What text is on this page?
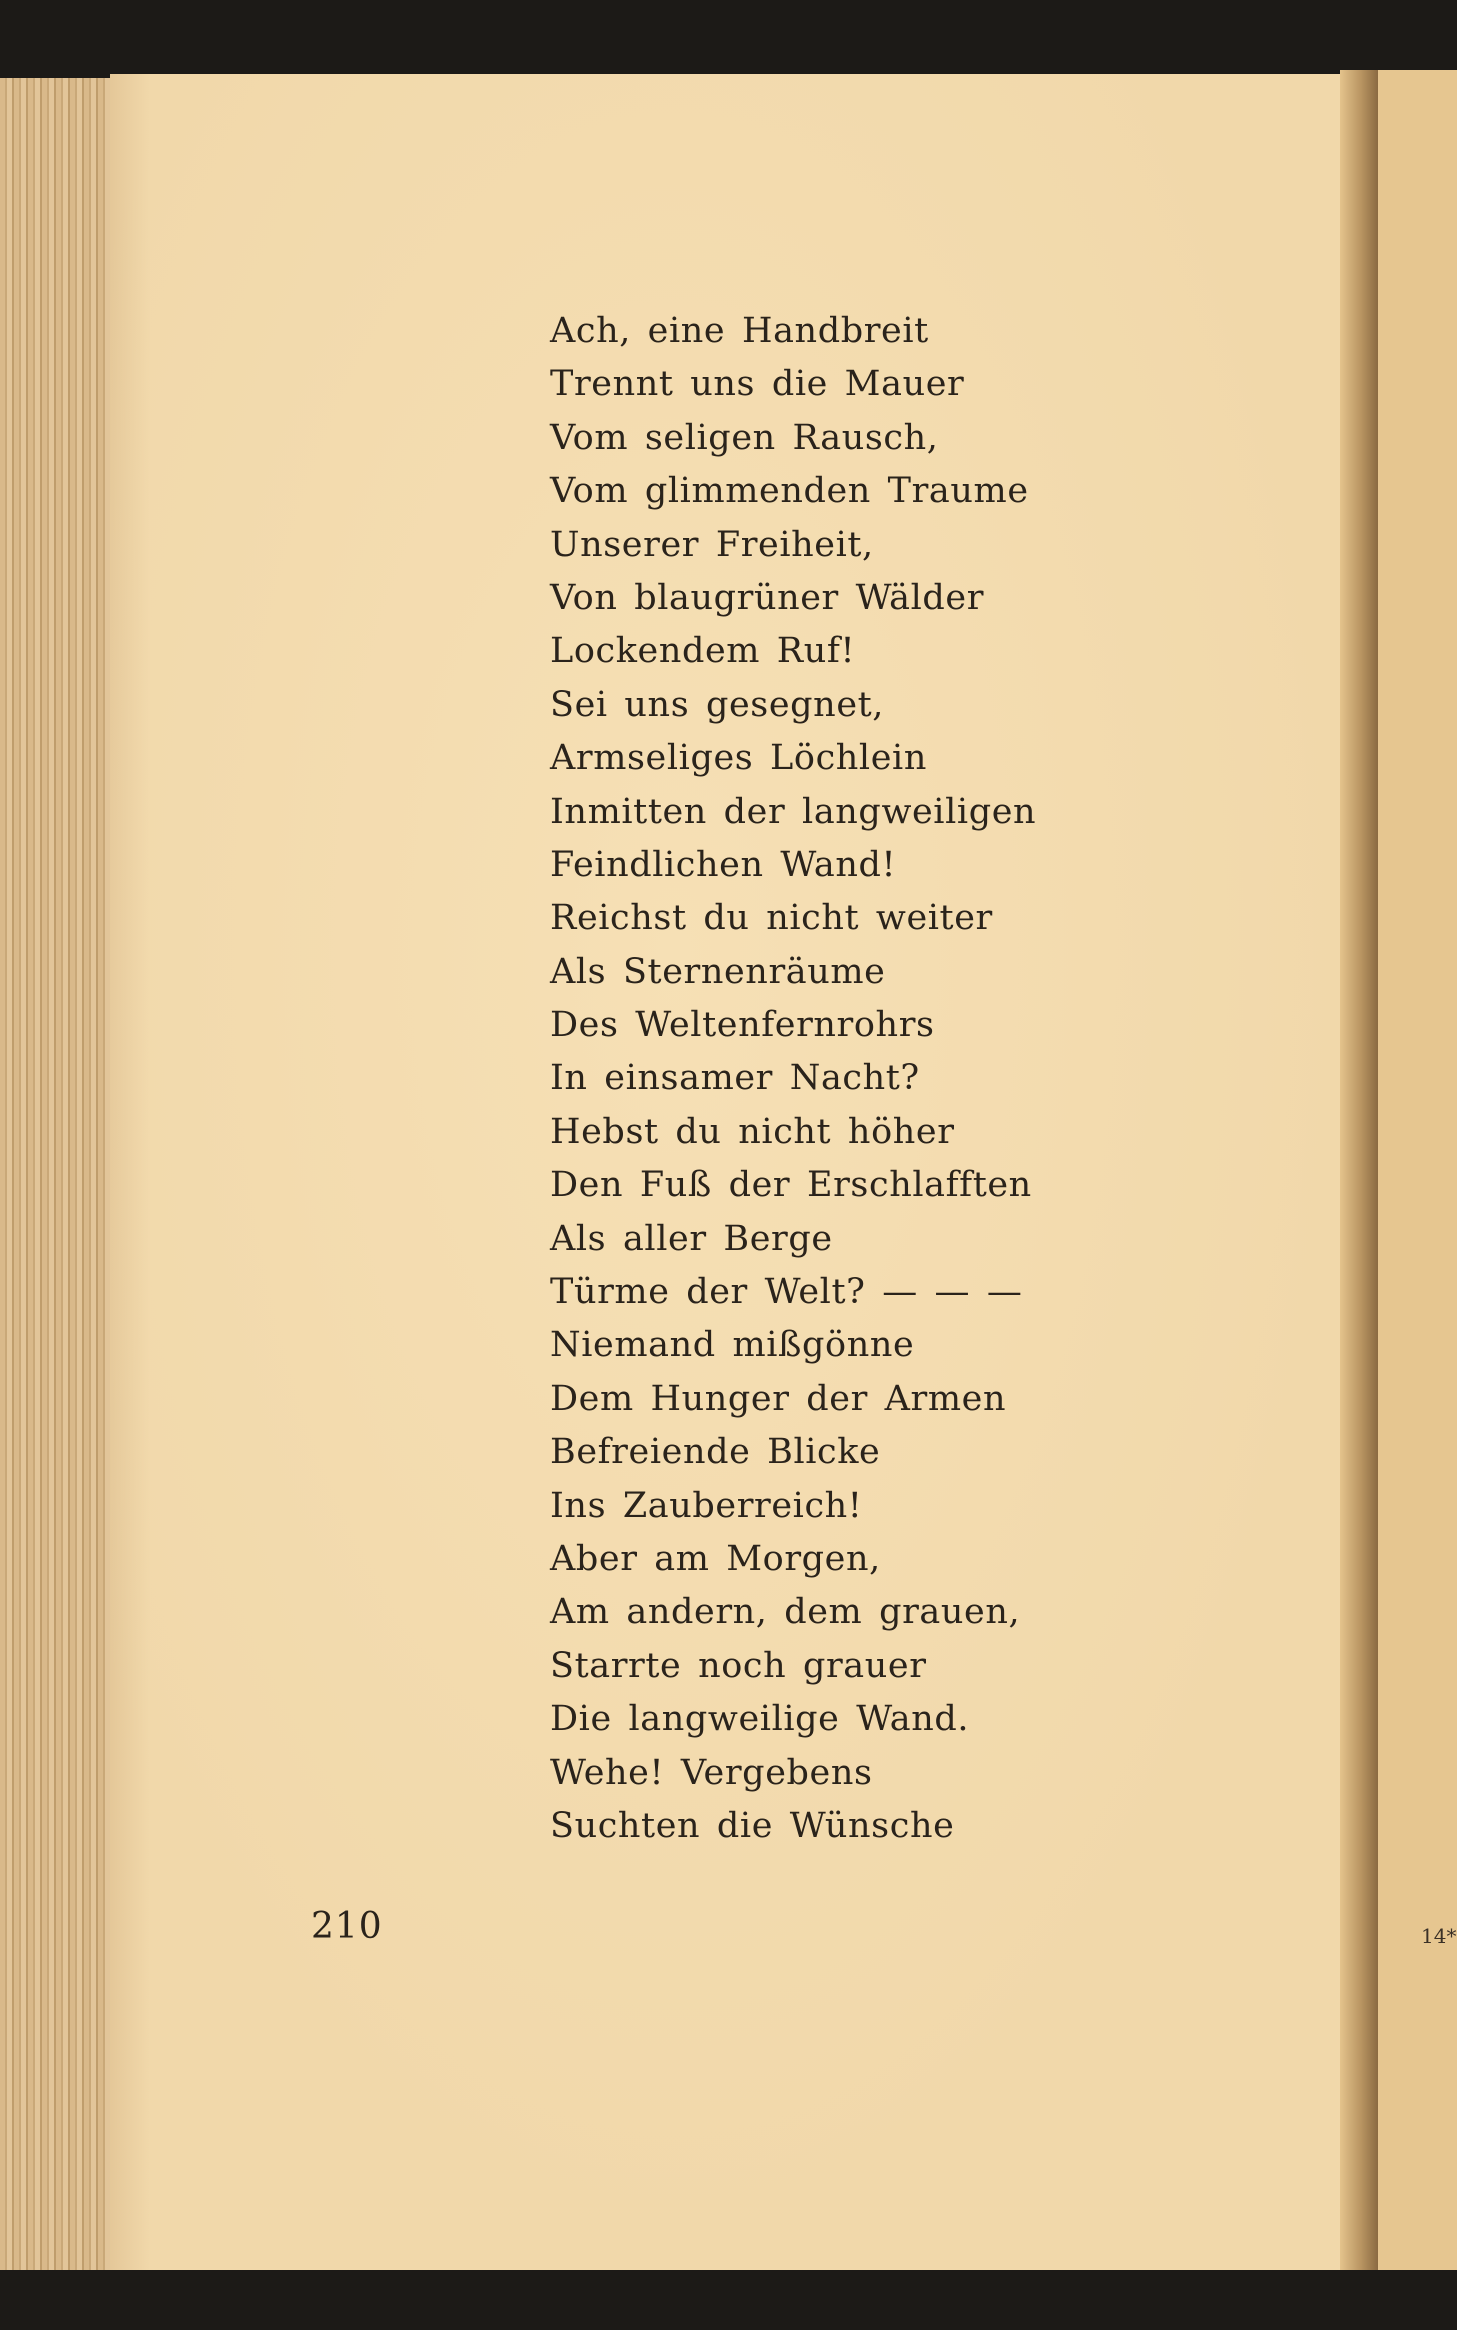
Ach, eine Handbreit
Trennt uns die Mauer
Vom seligen Rausch,
Vom glimmenden Traume
Unserer Freiheit,
Von blaugrüner Wälder
Lockendem Ruf!
Sei uns gesegnet,
Armseliges Löchlein
Inmitten der langweiligen
Feindlichen Wand!
Reichst du nicht weiter
Als Sternenräume
Des Weltenfernrohrs
In einsamer Nacht?
Hebst du nicht höher
Den Fuß der Erschlafften
Als aller Berge
Türme der Welt? — — —
Niemand mißgönne
Dem Hunger der Armen
Befreiende Blicke
Ins Zauberreich!
Aber am Morgen,
Am andern, dem grauen,
Starrte noch grauer
Die langweilige Wand.
Wehe! Vergebens
Suchten die Wünsche
210	14*
